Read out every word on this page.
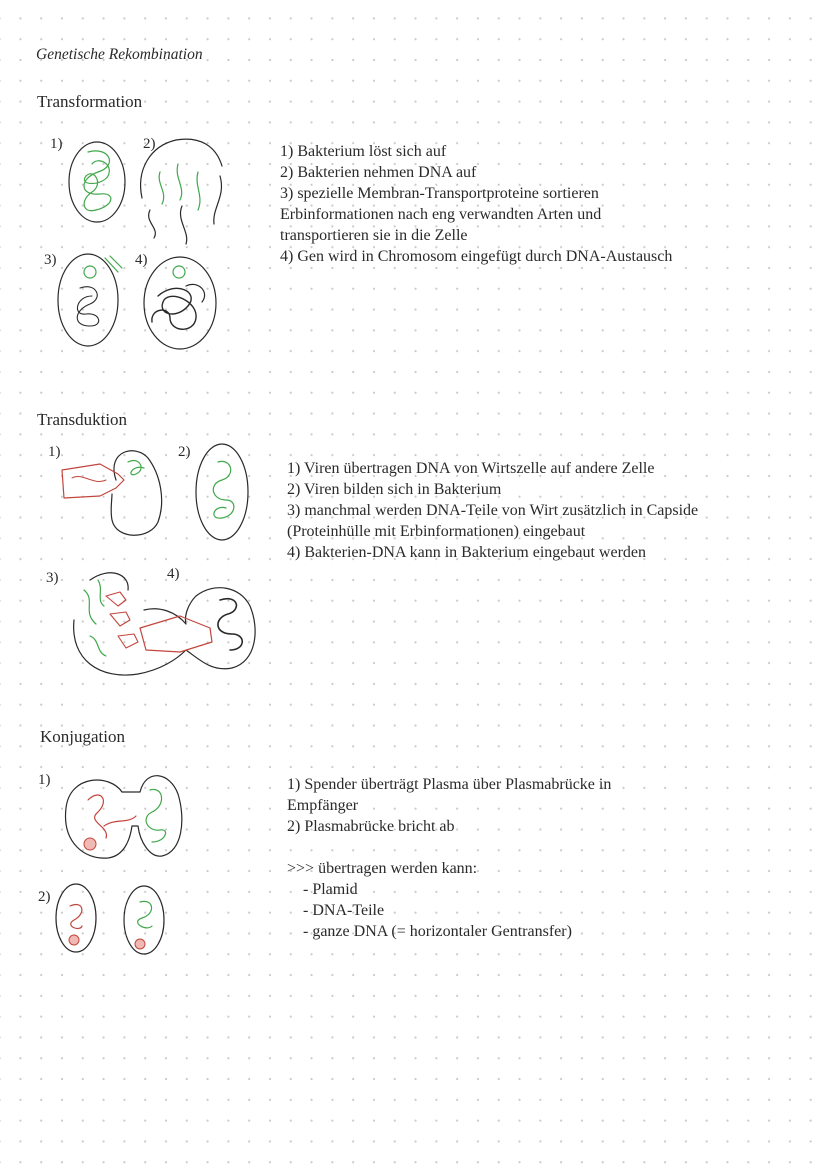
Genetische Rekombination
Transformation
1)	2)
3)	4)
1) Bakterium löst sich auf
2) Bakterien nehmen DNA auf
3) spezielle Membran-Transportproteine sortieren
Erbinformationen nach eng verwandten Arten und
transportieren sie in die Zelle
4) Gen wird in Chromosom eingefügt durch DNA-Austausch
Transduktion
1)	2)
3)	4)
1) Viren übertragen DNA von Wirtszelle auf andere Zelle
2) Viren bilden sich in Bakterium
3) manchmal werden DNA-Teile von Wirt zusätzlich in Capside
(Proteinhülle mit Erbinformationen) eingebaut
4) Bakterien-DNA kann in Bakterium eingebaut werden
Konjugation
1)
2)
1) Spender überträgt Plasma über Plasmabrücke in
Empfänger
2) Plasmabrücke bricht ab
>>> übertragen werden kann:
- Plamid
- DNA-Teile
- ganze DNA (= horizontaler Gentransfer)
